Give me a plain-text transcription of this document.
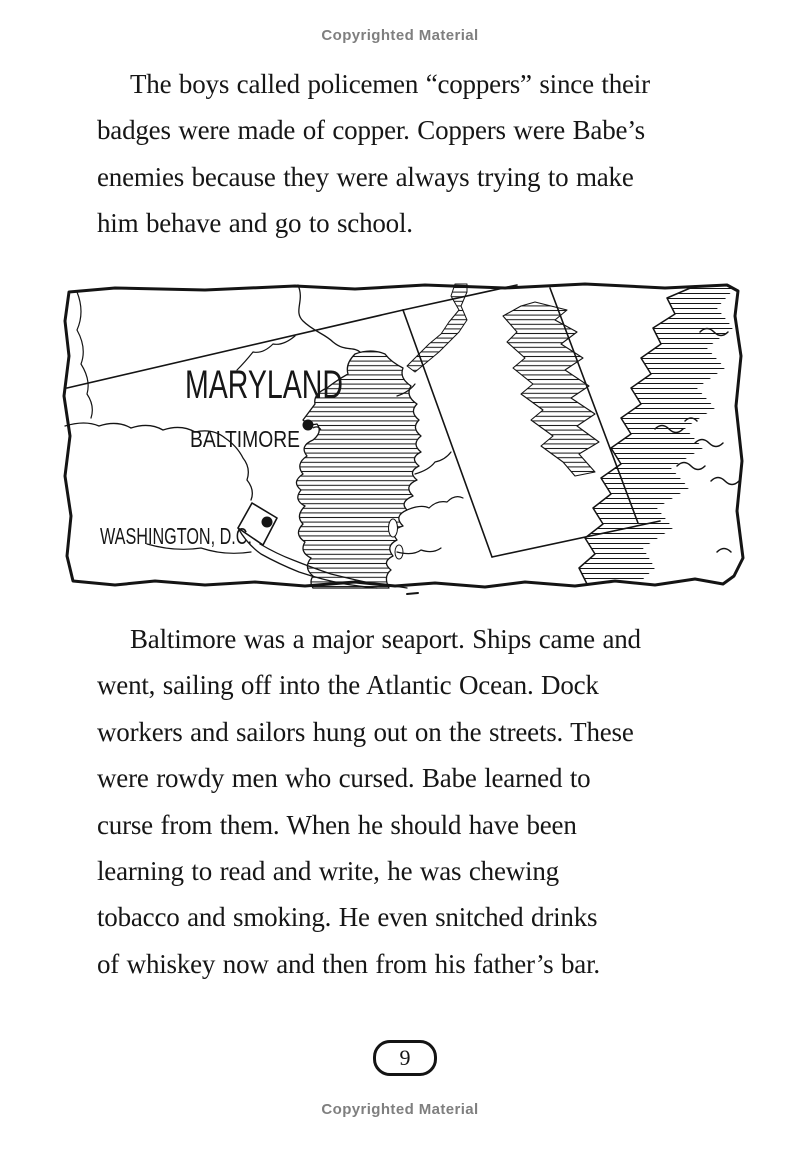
Copyrighted Material
The boys called policemen “coppers” since their
badges were made of copper. Coppers were Babe’s
enemies because they were always trying to make
him behave and go to school.
MARYLAND
BALTIMORE
WASHINGTON, D.C.
Baltimore was a major seaport. Ships came and
went, sailing off into the Atlantic Ocean. Dock
workers and sailors hung out on the streets. These
were rowdy men who cursed. Babe learned to
curse from them. When he should have been
learning to read and write, he was chewing
tobacco and smoking. He even snitched drinks
of whiskey now and then from his father’s bar.
9
Copyrighted Material
